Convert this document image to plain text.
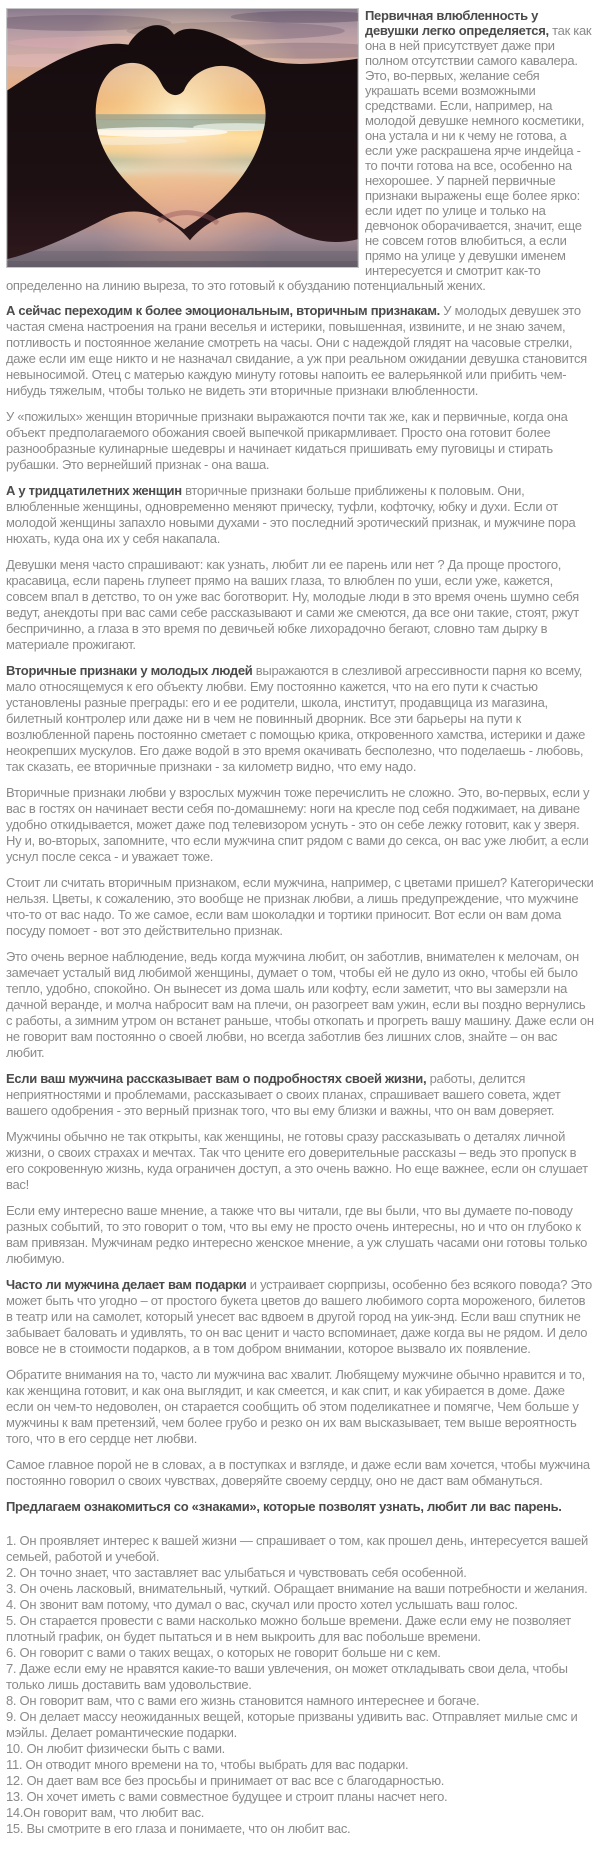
Первичная влюбленность у девушки легко определяется, так как она в ней присутствует даже при полном отсутствии самого кавалера. Это, во-первых, желание себя украшать всеми возможными средствами. Если, например, на молодой девушке немного косметики, она устала и ни к чему не готова, а если уже раскрашена ярче индейца - то почти готова на все, особенно на нехорошее. У парней первичные признаки выражены еще более ярко: если идет по улице и только на девчонок оборачивается, значит, еще не совсем готов влюбиться, а если прямо на улице у девушки именем интересуется и смотрит как-то определенно на линию выреза, то это готовый к обузданию потенциальный жених.

А сейчас переходим к более эмоциональным, вторичным признакам. У молодых девушек это частая смена настроения на грани веселья и истерики, повышенная, извините, и не знаю зачем, потливость и постоянное желание смотреть на часы. Они с надеждой глядят на часовые стрелки, даже если им еще никто и не назначал свидание, а уж при реальном ожидании девушка становится невыносимой. Отец с матерью каждую минуту готовы напоить ее валерьянкой или прибить чем-нибудь тяжелым, чтобы только не видеть эти вторичные признаки влюбленности.

У «пожилых» женщин вторичные признаки выражаются почти так же, как и первичные, когда она объект предполагаемого обожания своей выпечкой прикармливает. Просто она готовит более разнообразные кулинарные шедевры и начинает кидаться пришивать ему пуговицы и стирать рубашки. Это вернейший признак - она ваша.

А у тридцатилетних женщин вторичные признаки больше приближены к половым. Они, влюбленные женщины, одновременно меняют прическу, туфли, кофточку, юбку и духи. Если от молодой женщины запахло новыми духами - это последний эротический признак, и мужчине пора нюхать, куда она их у себя накапала.

Девушки меня часто спрашивают: как узнать, любит ли ее парень или нет ? Да проще простого, красавица, если парень глупеет прямо на ваших глаза, то влюблен по уши, если уже, кажется, совсем впал в детство, то он уже вас боготворит. Ну, молодые люди в это время очень шумно себя ведут, анекдоты при вас сами себе рассказывают и сами же смеются, да все они такие, стоят, ржут беспричинно, а глаза в это время по девичьей юбке лихорадочно бегают, словно там дырку в материале прожигают.

Вторичные признаки у молодых людей выражаются в слезливой агрессивности парня ко всему, мало относящемуся к его объекту любви. Ему постоянно кажется, что на его пути к счастью установлены разные преграды: его и ее родители, школа, институт, продавщица из магазина, билетный контролер или даже ни в чем не повинный дворник. Все эти барьеры на пути к возлюбленной парень постоянно сметает с помощью крика, откровенного хамства, истерики и даже неокрепших мускулов. Его даже водой в это время окачивать бесполезно, что поделаешь - любовь, так сказать, ее вторичные признаки - за километр видно, что ему надо.

Вторичные признаки любви у взрослых мужчин тоже перечислить не сложно. Это, во-первых, если у вас в гостях он начинает вести себя по-домашнему: ноги на кресле под себя поджимает, на диване удобно откидывается, может даже под телевизором уснуть - это он себе лежку готовит, как у зверя. Ну и, во-вторых, запомните, что если мужчина спит рядом с вами до секса, он вас уже любит, а если уснул после секса - и уважает тоже.

Стоит ли считать вторичным признаком, если мужчина, например, с цветами пришел? Категорически нельзя. Цветы, к сожалению, это вообще не признак любви, а лишь предупреждение, что мужчине что-то от вас надо. То же самое, если вам шоколадки и тортики приносит. Вот если он вам дома посуду помоет - вот это действительно признак.

Это очень верное наблюдение, ведь когда мужчина любит, он заботлив, внимателен к мелочам, он замечает усталый вид любимой женщины, думает о том, чтобы ей не дуло из окно, чтобы ей было тепло, удобно, спокойно. Он вынесет из дома шаль или кофту, если заметит, что вы замерзли на дачной веранде, и молча набросит вам на плечи, он разогреет вам ужин, если вы поздно вернулись с работы, а зимним утром он встанет раньше, чтобы откопать и прогреть вашу машину. Даже если он не говорит вам постоянно о своей любви, но всегда заботлив без лишних слов, знайте – он вас любит.

Если ваш мужчина рассказывает вам о подробностях своей жизни, работы, делится неприятностями и проблемами, рассказывает о своих планах, спрашивает вашего совета, ждет вашего одобрения - это верный признак того, что вы ему близки и важны, что он вам доверяет.

Мужчины обычно не так открыты, как женщины, не готовы сразу рассказывать о деталях личной жизни, о своих страхах и мечтах. Так что цените его доверительные рассказы – ведь это пропуск в его сокровенную жизнь, куда ограничен доступ, а это очень важно. Но еще важнее, если он слушает вас!

Если ему интересно ваше мнение, а также что вы читали, где вы были, что вы думаете по-поводу разных событий, то это говорит о том, что вы ему не просто очень интересны, но и что он глубоко к вам привязан. Мужчинам редко интересно женское мнение, а уж слушать часами они готовы только любимую.

Часто ли мужчина делает вам подарки и устраивает сюрпризы, особенно без всякого повода? Это может быть что угодно – от простого букета цветов до вашего любимого сорта мороженого, билетов в театр или на самолет, который унесет вас вдвоем в другой город на уик-энд. Если ваш спутник не забывает баловать и удивлять, то он вас ценит и часто вспоминает, даже когда вы не рядом. И дело вовсе не в стоимости подарков, а в том добром внимании, которое вызвало их появление.

Обратите внимания на то, часто ли мужчина вас хвалит. Любящему мужчине обычно нравится и то, как женщина готовит, и как она выглядит, и как смеется, и как спит, и как убирается в доме. Даже если он чем-то недоволен, он старается сообщить об этом поделикатнее и помягче, Чем больше у мужчины к вам претензий, чем более грубо и резко он их вам высказывает, тем выше вероятность того, что в его сердце нет любви.

Самое главное порой не в словах, а в поступках и взгляде, и даже если вам хочется, чтобы мужчина постоянно говорил о своих чувствах, доверяйте своему сердцу, оно не даст вам обмануться.

Предлагаем ознакомиться со «знаками», которые позволят узнать, любит ли вас парень.

1. Он проявляет интерес к вашей жизни — спрашивает о том, как прошел день, интересуется вашей семьей, работой и учебой.
2. Он точно знает, что заставляет вас улыбаться и чувствовать себя особенной.
3. Он очень ласковый, внимательный, чуткий. Обращает внимание на ваши потребности и желания.
4. Он звонит вам потому, что думал о вас, скучал или просто хотел услышать ваш голос.
5. Он старается провести с вами насколько можно больше времени. Даже если ему не позволяет плотный график, он будет пытаться и в нем выкроить для вас побольше времени.
6. Он говорит с вами о таких вещах, о которых не говорит больше ни с кем.
7. Даже если ему не нравятся какие-то ваши увлечения, он может откладывать свои дела, чтобы только лишь доставить вам удовольствие.
8. Он говорит вам, что с вами его жизнь становится намного интереснее и богаче.
9. Он делает массу неожиданных вещей, которые призваны удивить вас. Отправляет милые смс и мэйлы. Делает романтические подарки.
10. Он любит физически быть с вами.
11. Он отводит много времени на то, чтобы выбрать для вас подарки.
12. Он дает вам все без просьбы и принимает от вас все с благодарностью.
13. Он хочет иметь с вами совместное будущее и строит планы насчет него.
14.Он говорит вам, что любит вас.
15. Вы смотрите в его глаза и понимаете, что он любит вас.
